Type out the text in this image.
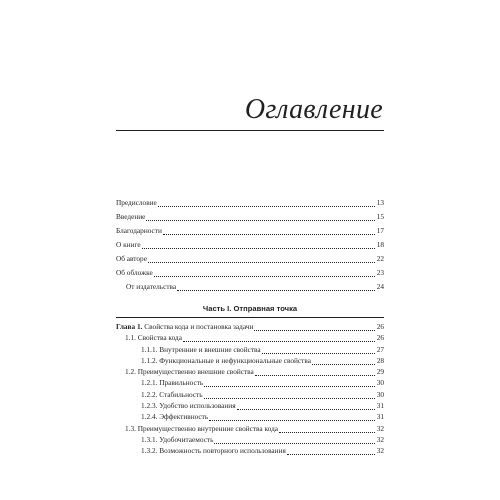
Оглавление
Предисловие	13
Введение	15
Благодарности	17
О книге	18
Об авторе	22
Об обложке	23
От издательства	24
Часть I. Отправная точка
Глава 1. Свойства кода и постановка задачи	26
1.1. Свойства кода	26
1.1.1. Внутренние и внешние свойства	27
1.1.2. Функциональные и нефункциональные свойства	28
1.2. Преимущественно внешние свойства	29
1.2.1. Правильность	30
1.2.2. Стабильность	30
1.2.3. Удобство использования	31
1.2.4. Эффективность	31
1.3. Преимущественно внутренние свойства кода	32
1.3.1. Удобочитаемость	32
1.3.2. Возможность повторного использования	32
